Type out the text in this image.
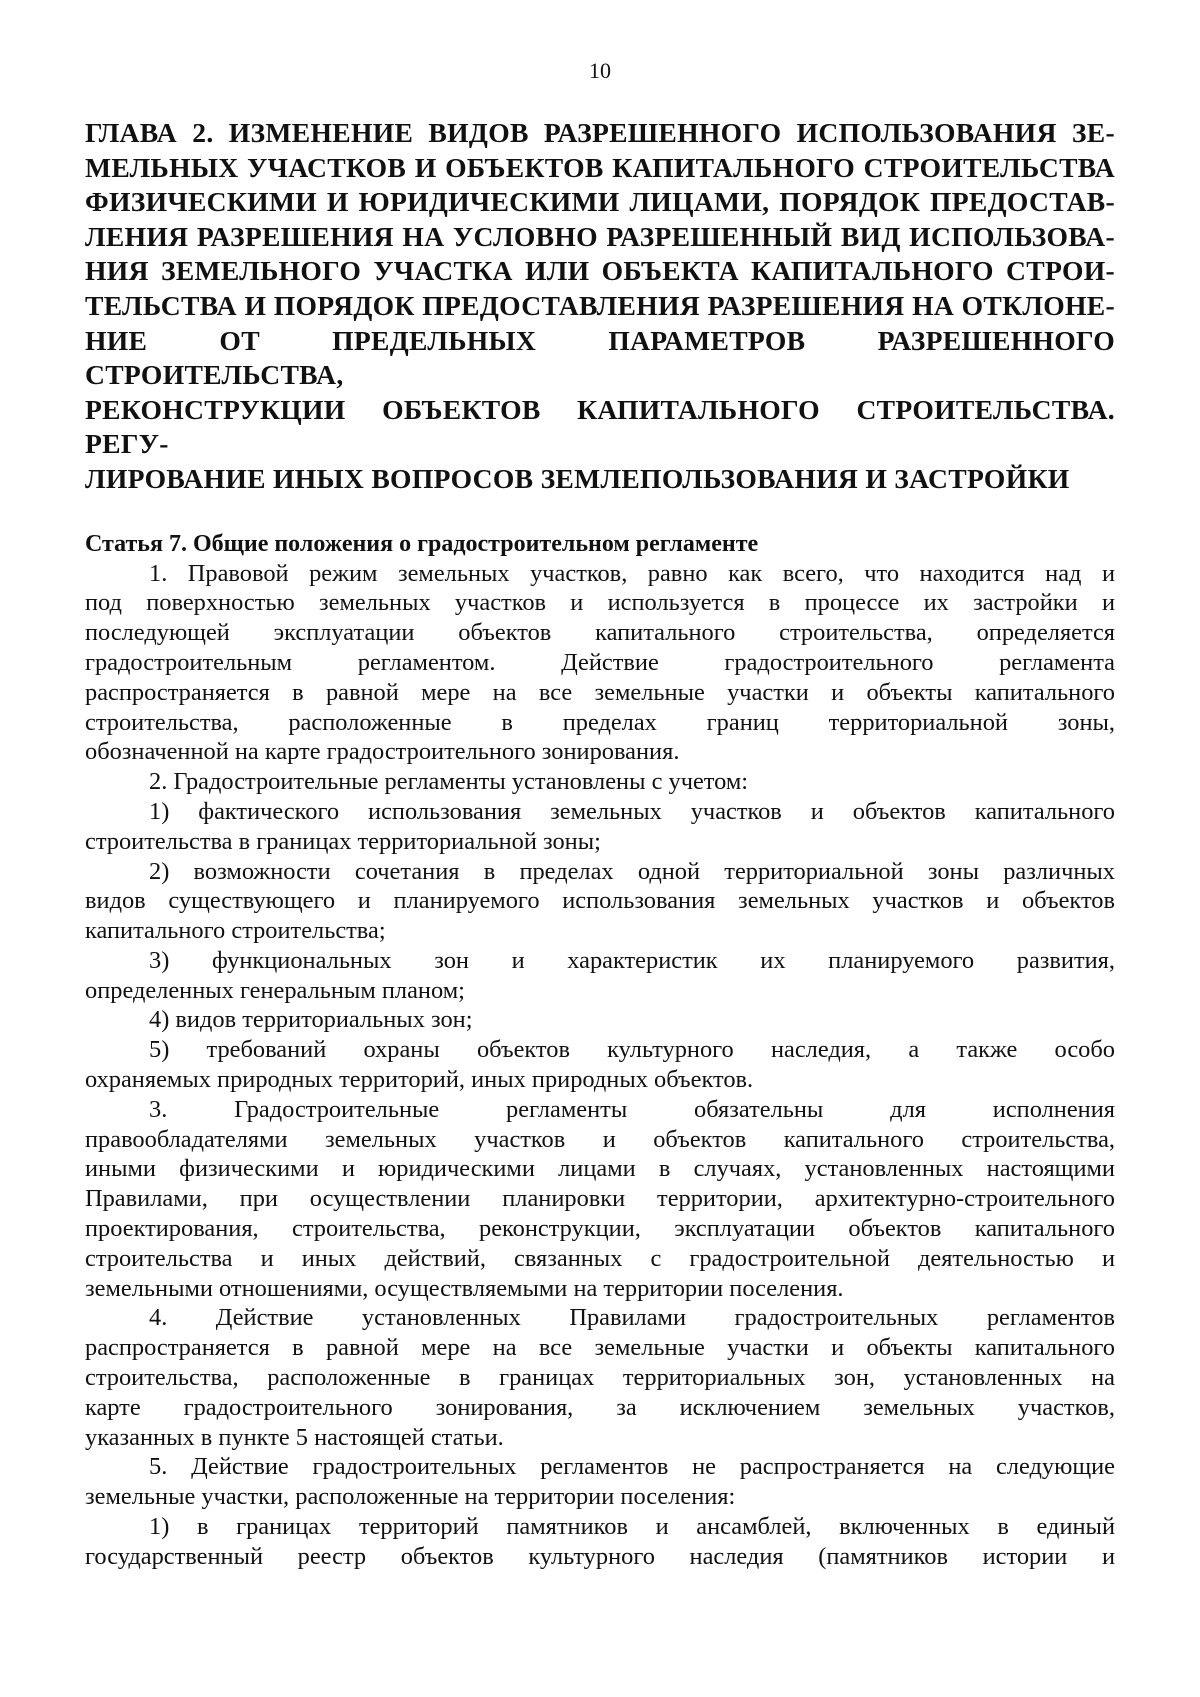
10
ГЛАВА 2. ИЗМЕНЕНИЕ ВИДОВ РАЗРЕШЕННОГО ИСПОЛЬЗОВАНИЯ ЗЕ-
МЕЛЬНЫХ УЧАСТКОВ И ОБЪЕКТОВ КАПИТАЛЬНОГО СТРОИТЕЛЬСТВА
ФИЗИЧЕСКИМИ И ЮРИДИЧЕСКИМИ ЛИЦАМИ, ПОРЯДОК ПРЕДОСТАВ-
ЛЕНИЯ РАЗРЕШЕНИЯ НА УСЛОВНО РАЗРЕШЕННЫЙ ВИД ИСПОЛЬЗОВА-
НИЯ ЗЕМЕЛЬНОГО УЧАСТКА ИЛИ ОБЪЕКТА КАПИТАЛЬНОГО СТРОИ-
ТЕЛЬСТВА И ПОРЯДОК ПРЕДОСТАВЛЕНИЯ РАЗРЕШЕНИЯ НА ОТКЛОНЕ-
НИЕ ОТ ПРЕДЕЛЬНЫХ ПАРАМЕТРОВ РАЗРЕШЕННОГО СТРОИТЕЛЬСТВА,
РЕКОНСТРУКЦИИ ОБЪЕКТОВ КАПИТАЛЬНОГО СТРОИТЕЛЬСТВА. РЕГУ-
ЛИРОВАНИЕ ИНЫХ ВОПРОСОВ ЗЕМЛЕПОЛЬЗОВАНИЯ И ЗАСТРОЙКИ
Статья 7. Общие положения о градостроительном регламенте

1. Правовой режим земельных участков, равно как всего, что находится над и
под поверхностью земельных участков и используется в процессе их застройки и
последующей эксплуатации объектов капитального строительства, определяется
градостроительным регламентом. Действие градостроительного регламента
распространяется в равной мере на все земельные участки и объекты капитального
строительства, расположенные в пределах границ территориальной зоны,
обозначенной на карте градостроительного зонирования.

2. Градостроительные регламенты установлены с учетом:

1) фактического использования земельных участков и объектов капитального
строительства в границах территориальной зоны;

2) возможности сочетания в пределах одной территориальной зоны различных
видов существующего и планируемого использования земельных участков и объектов
капитального строительства;

3) функциональных зон и характеристик их планируемого развития,
определенных генеральным планом;

4) видов территориальных зон;

5) требований охраны объектов культурного наследия, а также особо
охраняемых природных территорий, иных природных объектов.

3. Градостроительные регламенты обязательны для исполнения
правообладателями земельных участков и объектов капитального строительства,
иными физическими и юридическими лицами в случаях, установленных настоящими
Правилами, при осуществлении планировки территории, архитектурно-строительного
проектирования, строительства, реконструкции, эксплуатации объектов капитального
строительства и иных действий, связанных с градостроительной деятельностью и
земельными отношениями, осуществляемыми на территории поселения.

4. Действие установленных Правилами градостроительных регламентов
распространяется в равной мере на все земельные участки и объекты капитального
строительства, расположенные в границах территориальных зон, установленных на
карте градостроительного зонирования, за исключением земельных участков,
указанных в пункте 5 настоящей статьи.

5. Действие градостроительных регламентов не распространяется на следующие
земельные участки, расположенные на территории поселения:

1) в границах территорий памятников и ансамблей, включенных в единый
государственный реестр объектов культурного наследия (памятников истории и
